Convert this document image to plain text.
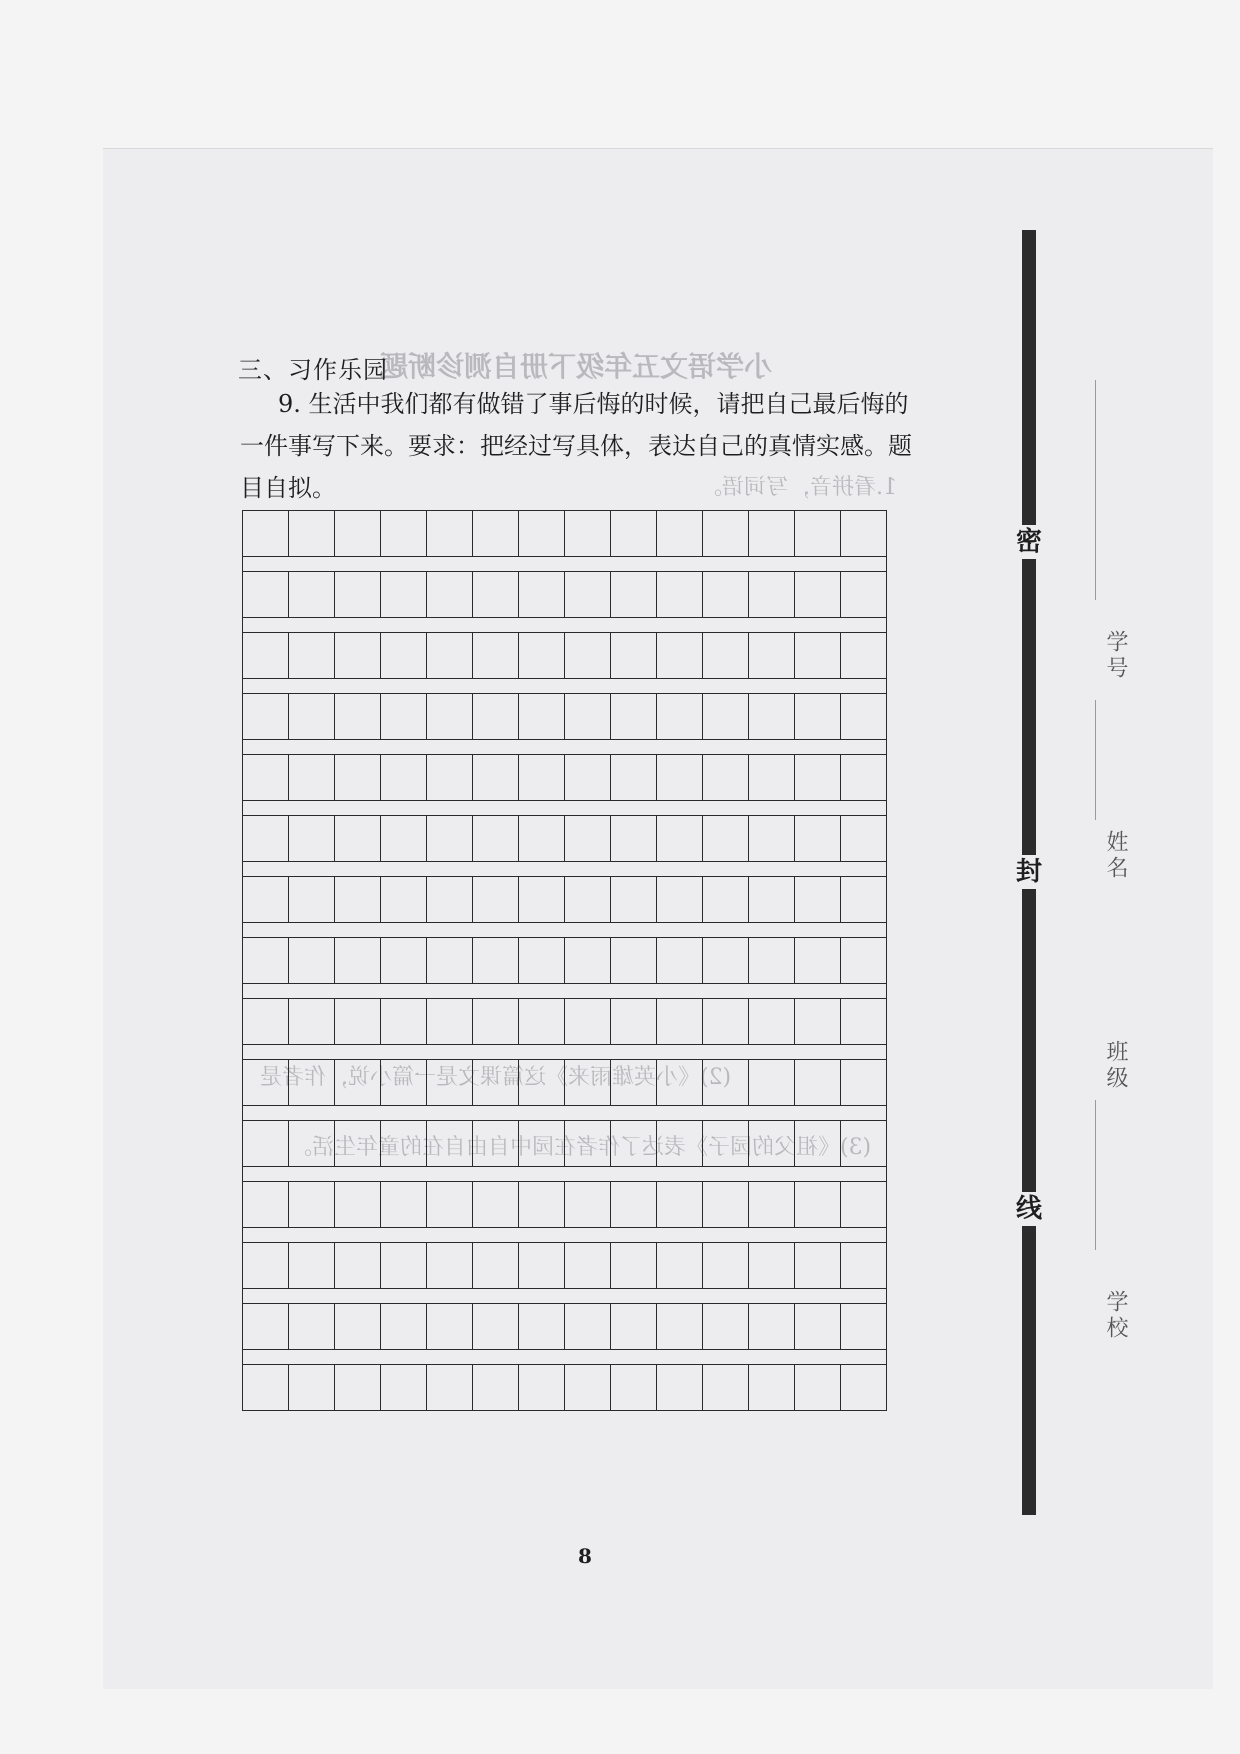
小学语文五年级下册自测诊断题
1.看拼音，写词语。
(2)《小英雄雨来》这篇课文是一篇小说，作者是
(3)《祖父的园子》表达了作者在园中自由自在的童年生活。
三、习作乐园
9. 生活中我们都有做错了事后悔的时候，请把自己最后悔的一件事写下来。要求：把经过写具体，表达自己的真情实感。题目自拟。

8
密
封
线
学号
姓名
班级
学校
